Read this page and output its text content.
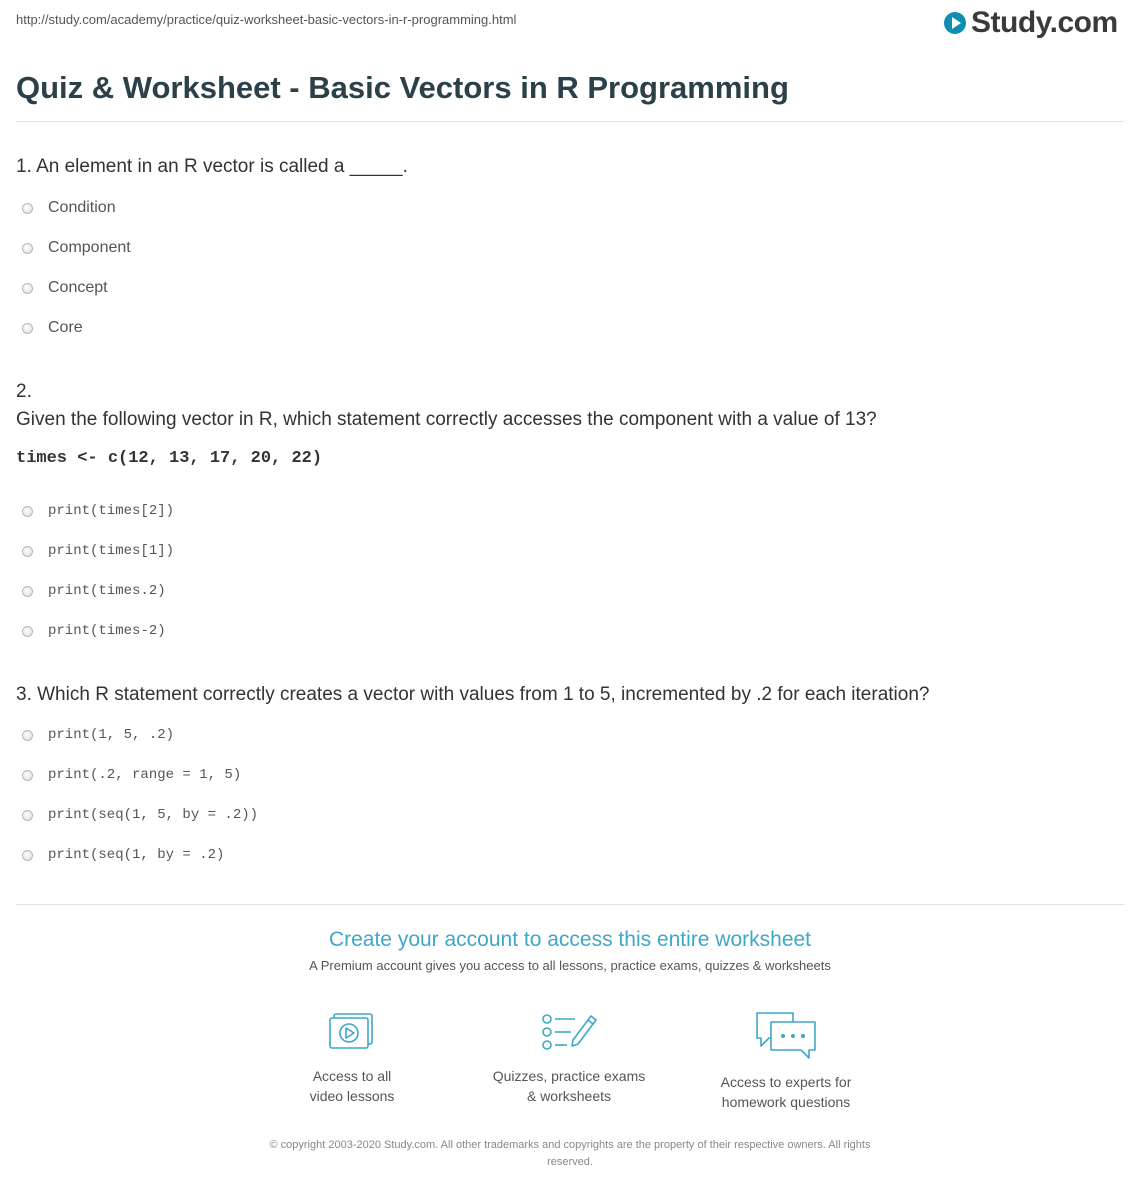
http://study.com/academy/practice/quiz-worksheet-basic-vectors-in-r-programming.html	Study.com
Quiz & Worksheet - Basic Vectors in R Programming
1. An element in an R vector is called a _____.
Condition
Component
Concept
Core
2.
Given the following vector in R, which statement correctly accesses the component with a value of 13?
times <- c(12, 13, 17, 20, 22)
print(times[2])
print(times[1])
print(times.2)
print(times-2)
3. Which R statement correctly creates a vector with values from 1 to 5, incremented by .2 for each iteration?
print(1, 5, .2)
print(.2, range = 1, 5)
print(seq(1, 5, by = .2))
print(seq(1, by = .2)
Create your account to access this entire worksheet
A Premium account gives you access to all lessons, practice exams, quizzes & worksheets
Access to all
video lessons
Quizzes, practice exams
& worksheets
Access to experts for
homework questions
© copyright 2003-2020 Study.com. All other trademarks and copyrights are the property of their respective owners. All rights
reserved.
